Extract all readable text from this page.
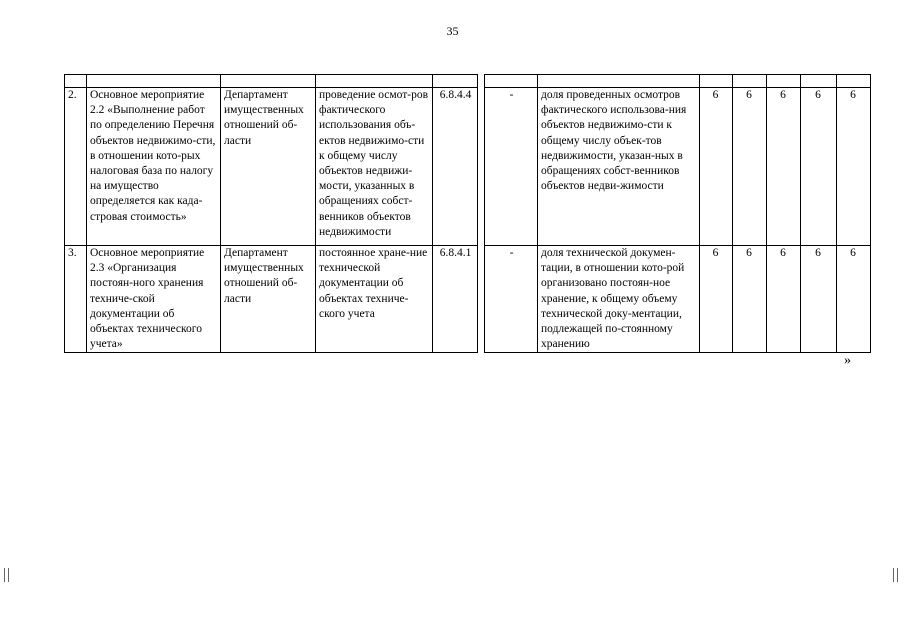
35

2.	Основное мероприятие 2.2 «Выполнение работ по определению Перечня объектов недвижимо-сти, в отношении кото-рых налоговая база по налогу на имущество определяется как када-стровая стоимость»	Департамент имущественных отношений об-ласти	проведение осмот-ров фактического использования объ-ектов недвижимо-сти к общему числу объектов недвижи-мости, указанных в обращениях собст-венников объектов недвижимости	6.8.4.4		-	доля проведенных осмотров фактического использова-ния объектов недвижимо-сти к общему числу объек-тов недвижимости, указан-ных в обращениях собст-венников объектов недви-жимости	6	6	6	6	6
3.	Основное мероприятие 2.3 «Организация постоян-ного хранения техниче-ской документации об объектах технического учета»	Департамент имущественных отношений об-ласти	постоянное хране-ние технической документации об объектах техниче-ского учета	6.8.4.1		-	доля технической докумен-тации, в отношении кото-рой организовано постоян-ное хранение, к общему объему технической доку-ментации, подлежащей по-стоянному хранению	6	6	6	6	6
»
